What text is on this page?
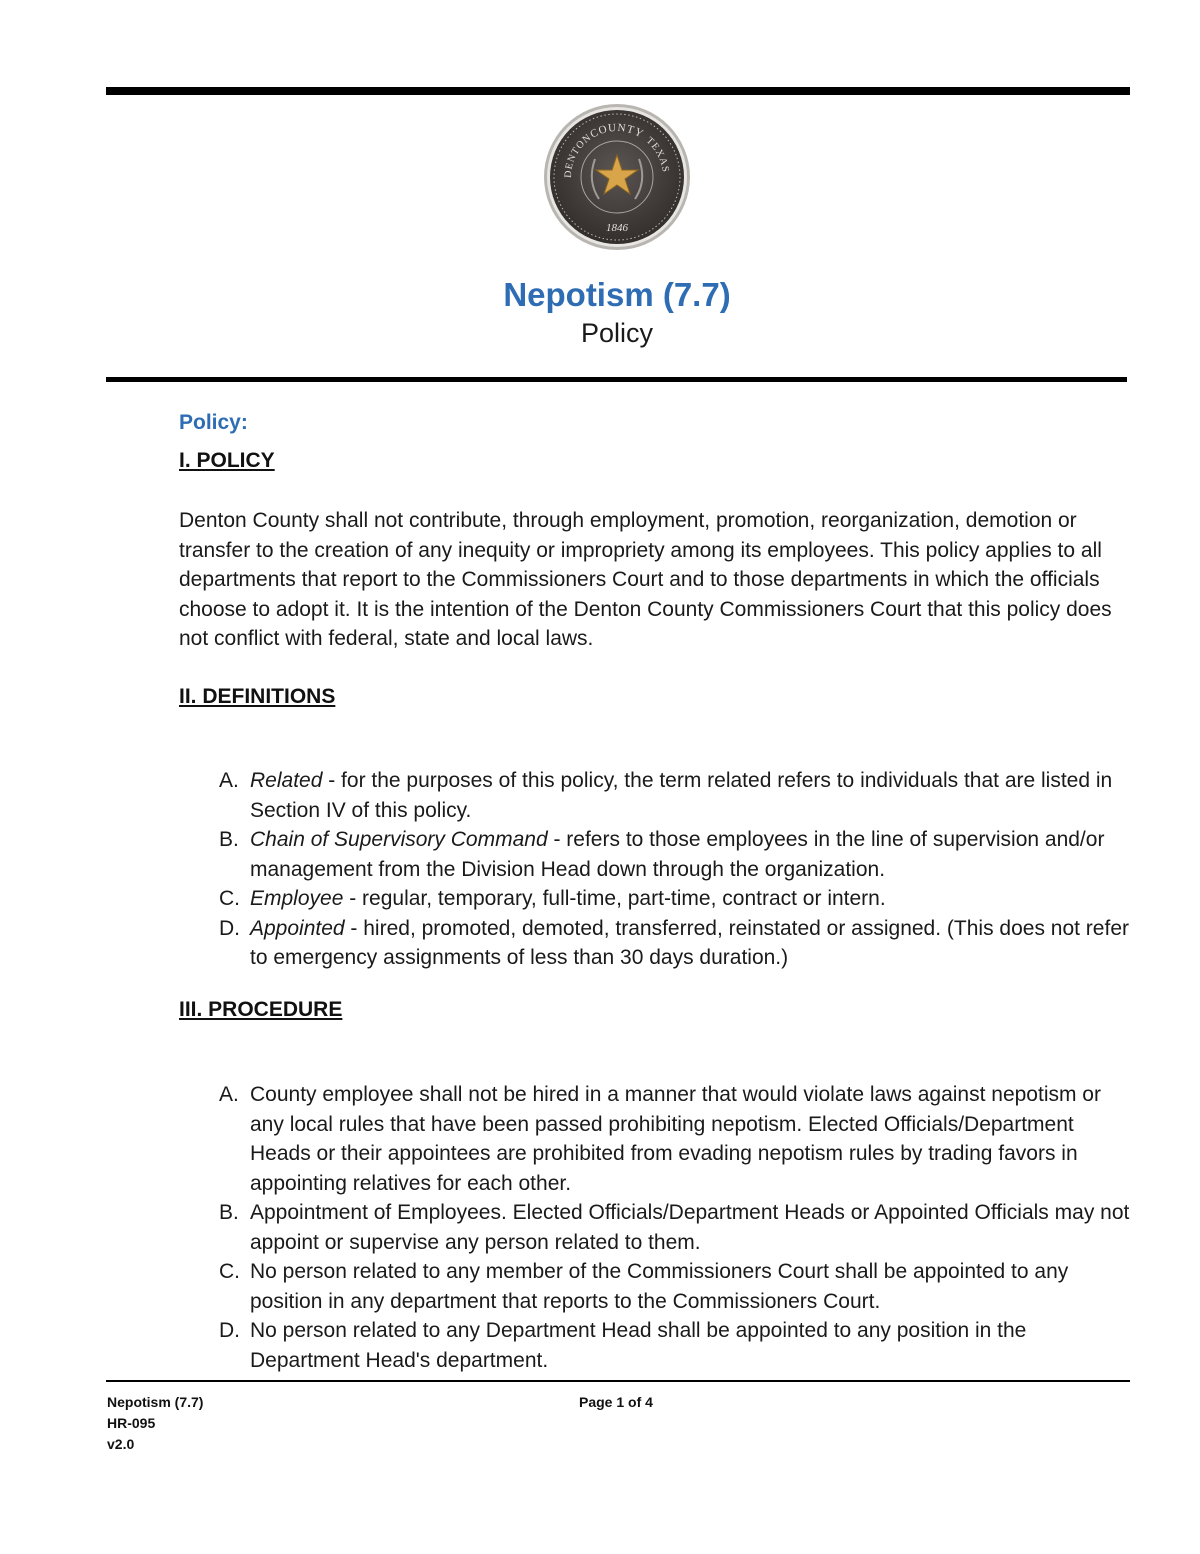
COUNTY
DENTON	TEXAS
1846
Nepotism (7.7)
Policy
Policy:
I. POLICY
Denton County shall not contribute, through employment, promotion, reorganization, demotion or transfer to the creation of any inequity or impropriety among its employees. This policy applies to all departments that report to the Commissioners Court and to those departments in which the officials choose to adopt it. It is the intention of the Denton County Commissioners Court that this policy does not conflict with federal, state and local laws.
II. DEFINITIONS
A. Related - for the purposes of this policy, the term related refers to individuals that are listed in Section IV of this policy.
B. Chain of Supervisory Command - refers to those employees in the line of supervision and/or management from the Division Head down through the organization.
C. Employee - regular, temporary, full-time, part-time, contract or intern.
D. Appointed - hired, promoted, demoted, transferred, reinstated or assigned. (This does not refer to emergency assignments of less than 30 days duration.)
III. PROCEDURE
A. County employee shall not be hired in a manner that would violate laws against nepotism or any local rules that have been passed prohibiting nepotism. Elected Officials/Department Heads or their appointees are prohibited from evading nepotism rules by trading favors in appointing relatives for each other.
B. Appointment of Employees. Elected Officials/Department Heads or Appointed Officials may not appoint or supervise any person related to them.
C. No person related to any member of the Commissioners Court shall be appointed to any position in any department that reports to the Commissioners Court.
D. No person related to any Department Head shall be appointed to any position in the Department Head's department.
Nepotism (7.7)
HR-095
v2.0
Page 1 of 4
